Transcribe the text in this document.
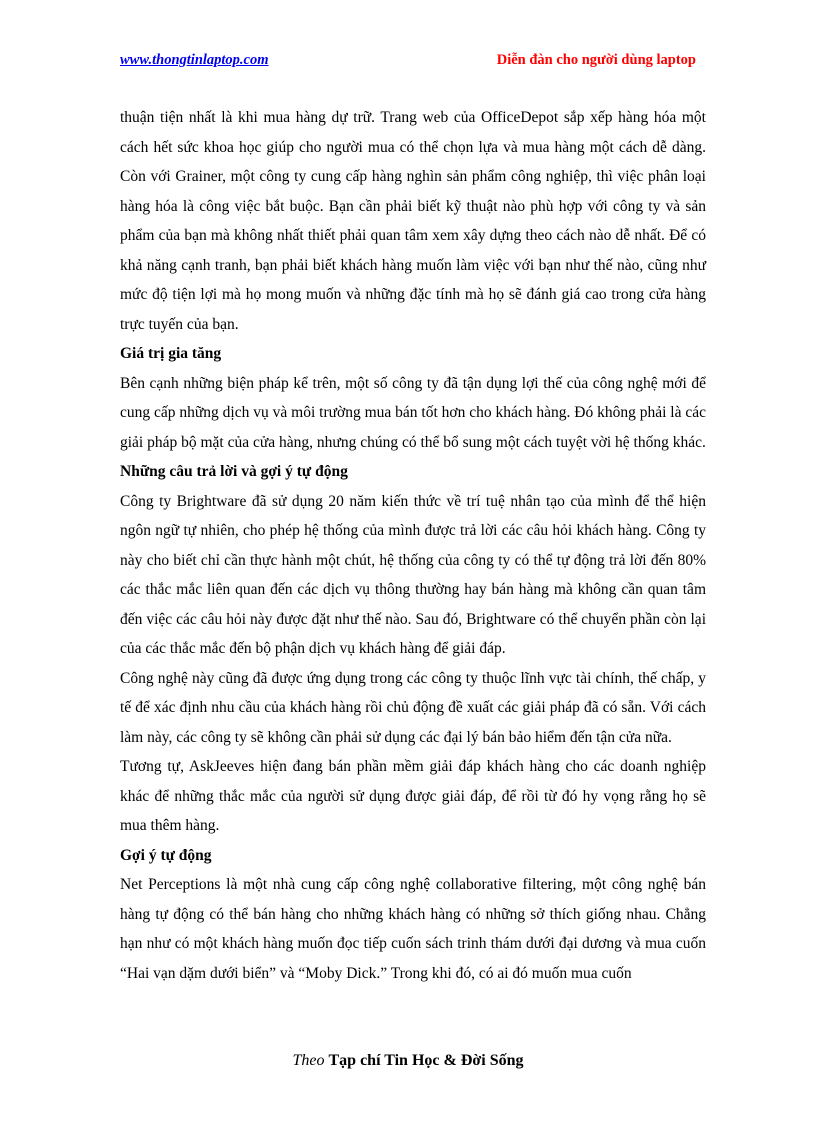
www.thongtinlaptop.com	Diễn đàn cho người dùng laptop

thuận tiện nhất là khi mua hàng dự trữ. Trang web của OfficeDepot sắp xếp hàng hóa một cách hết sức khoa học giúp cho người mua có thể chọn lựa và mua hàng một cách dễ dàng. Còn với Grainer, một công ty cung cấp hàng nghìn sản phẩm công nghiệp, thì việc phân loại hàng hóa là công việc bắt buộc. Bạn cần phải biết kỹ thuật nào phù hợp với công ty và sản phẩm của bạn mà không nhất thiết phải quan tâm xem xây dựng theo cách nào dễ nhất. Để có khả năng cạnh tranh, bạn phải biết khách hàng muốn làm việc với bạn như thế nào, cũng như mức độ tiện lợi mà họ mong muốn và những đặc tính mà họ sẽ đánh giá cao trong cửa hàng trực tuyến của bạn.

Giá trị gia tăng

Bên cạnh những biện pháp kể trên, một số công ty đã tận dụng lợi thế của công nghệ mới để cung cấp những dịch vụ và môi trường mua bán tốt hơn cho khách hàng. Đó không phải là các giải pháp bộ mặt của cửa hàng, nhưng chúng có thể bổ sung một cách tuyệt vời hệ thống khác.

Những câu trả lời và gợi ý tự động

Công ty Brightware đã sử dụng 20 năm kiến thức về trí tuệ nhân tạo của mình để thể hiện ngôn ngữ tự nhiên, cho phép hệ thống của mình được trả lời các câu hỏi khách hàng. Công ty này cho biết chỉ cần thực hành một chút, hệ thống của công ty có thể tự động trả lời đến 80% các thắc mắc liên quan đến các dịch vụ thông thường hay bán hàng mà không cần quan tâm đến việc các câu hỏi này được đặt như thế nào. Sau đó, Brightware có thể chuyển phần còn lại của các thắc mắc đến bộ phận dịch vụ khách hàng để giải đáp.

Công nghệ này cũng đã được ứng dụng trong các công ty thuộc lĩnh vực tài chính, thế chấp, y tế để xác định nhu cầu của khách hàng rồi chủ động đề xuất các giải pháp đã có sẵn. Với cách làm này, các công ty sẽ không cần phải sử dụng các đại lý bán bảo hiểm đến tận cửa nữa.

Tương tự, AskJeeves hiện đang bán phần mềm giải đáp khách hàng cho các doanh nghiệp khác để những thắc mắc của người sử dụng được giải đáp, để rồi từ đó hy vọng rằng họ sẽ mua thêm hàng.

Gợi ý tự động

Net Perceptions là một nhà cung cấp công nghệ collaborative filtering, một công nghệ bán hàng tự động có thể bán hàng cho những khách hàng có những sở thích giống nhau. Chẳng hạn như có một khách hàng muốn đọc tiếp cuốn sách trinh thám dưới đại dương và mua cuốn “Hai vạn dặm dưới biển” và “Moby Dick.” Trong khi đó, có ai đó muốn mua cuốn

Theo Tạp chí Tin Học & Đời Sống
